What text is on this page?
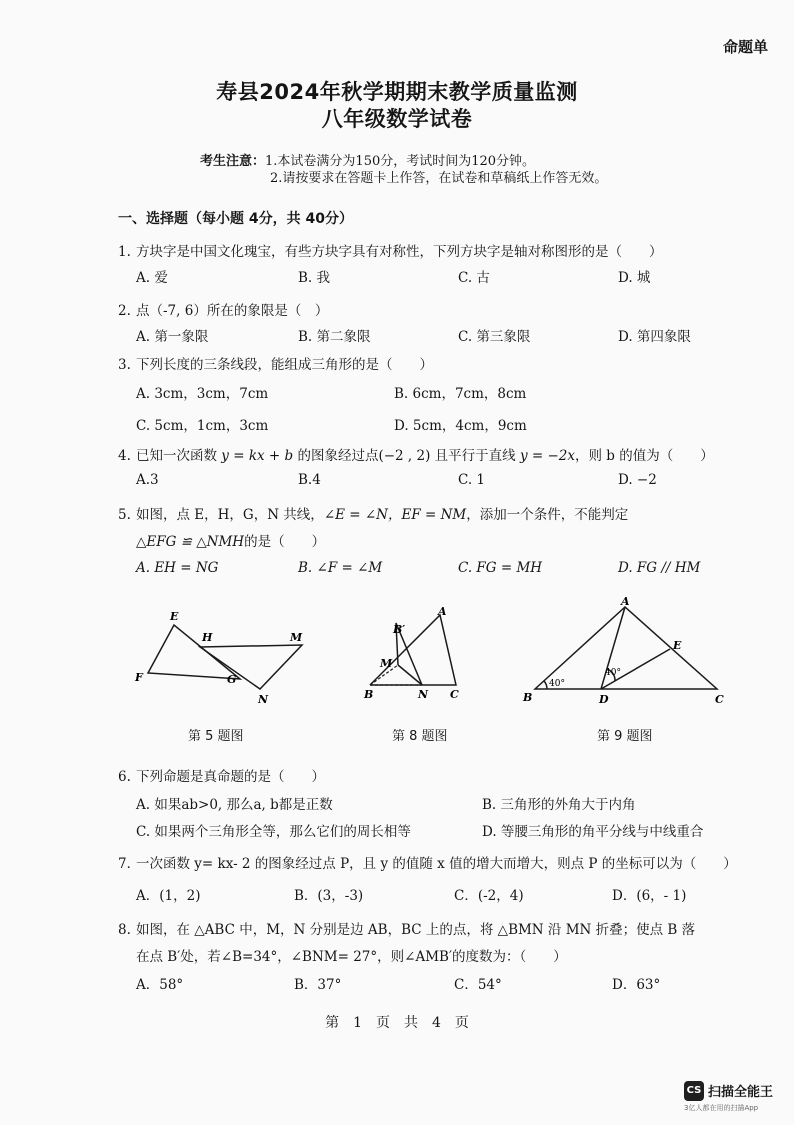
命题单
寿县2024年秋学期期末教学质量监测
八年级数学试卷
考生注意：1.本试卷满分为150分，考试时间为120分钟。
2.请按要求在答题卡上作答，在试卷和草稿纸上作答无效。
一、选择题（每小题 4分，共 40分）
1. 方块字是中国文化瑰宝，有些方块字具有对称性，下列方块字是轴对称图形的是（　　）
A. 爱	B. 我	C. 古	D. 城
2. 点（-7, 6）所在的象限是（　）
A. 第一象限	B. 第二象限	C. 第三象限	D. 第四象限
3. 下列长度的三条线段，能组成三角形的是（　　）
A. 3cm，3cm，7cm	B. 6cm，7cm，8cm
C. 5cm，1cm，3cm	D. 5cm，4cm，9cm
4. 已知一次函数 y = kx + b 的图象经过点(−2 , 2) 且平行于直线 y = −2x，则 b 的值为（　　）
A.3	B.4	C. 1	D. −2
5. 如图，点 E，H，G，N 共线，∠E = ∠N，EF = NM，添加一个条件，不能判定
△EFG ≌ △NMH的是（　　）
A. EH = NG	B. ∠F = ∠M	C. FG = MH	D. FG // HM
E
H	M
F	G
N
A
B′
M
B	N C
A
E
B	D	C
40°
40°
第 5 题图	第 8 题图	第 9 题图
6. 下列命题是真命题的是（　　）
A. 如果ab>0, 那么a, b都是正数	B. 三角形的外角大于内角
C. 如果两个三角形全等，那么它们的周长相等	D. 等腰三角形的角平分线与中线重合
7．一次函数 y= kx- 2 的图象经过点 P，且 y 的值随 x 值的增大而增大，则点 P 的坐标可以为（　　）
A．(1，2)	B．(3，-3)	C．(-2，4)	D．(6，- 1)
8. 如图，在 △ABC 中，M，N 分别是边 AB，BC 上的点，将 △BMN 沿 MN 折叠；使点 B 落
在点 B′处，若∠B=34°，∠BNM= 27°，则∠AMB′的度数为：（　　）
A．58°	B．37°	C．54°	D．63°
第　1　页　共　4　页
CS 扫描全能王
3亿人都在用的扫描App
